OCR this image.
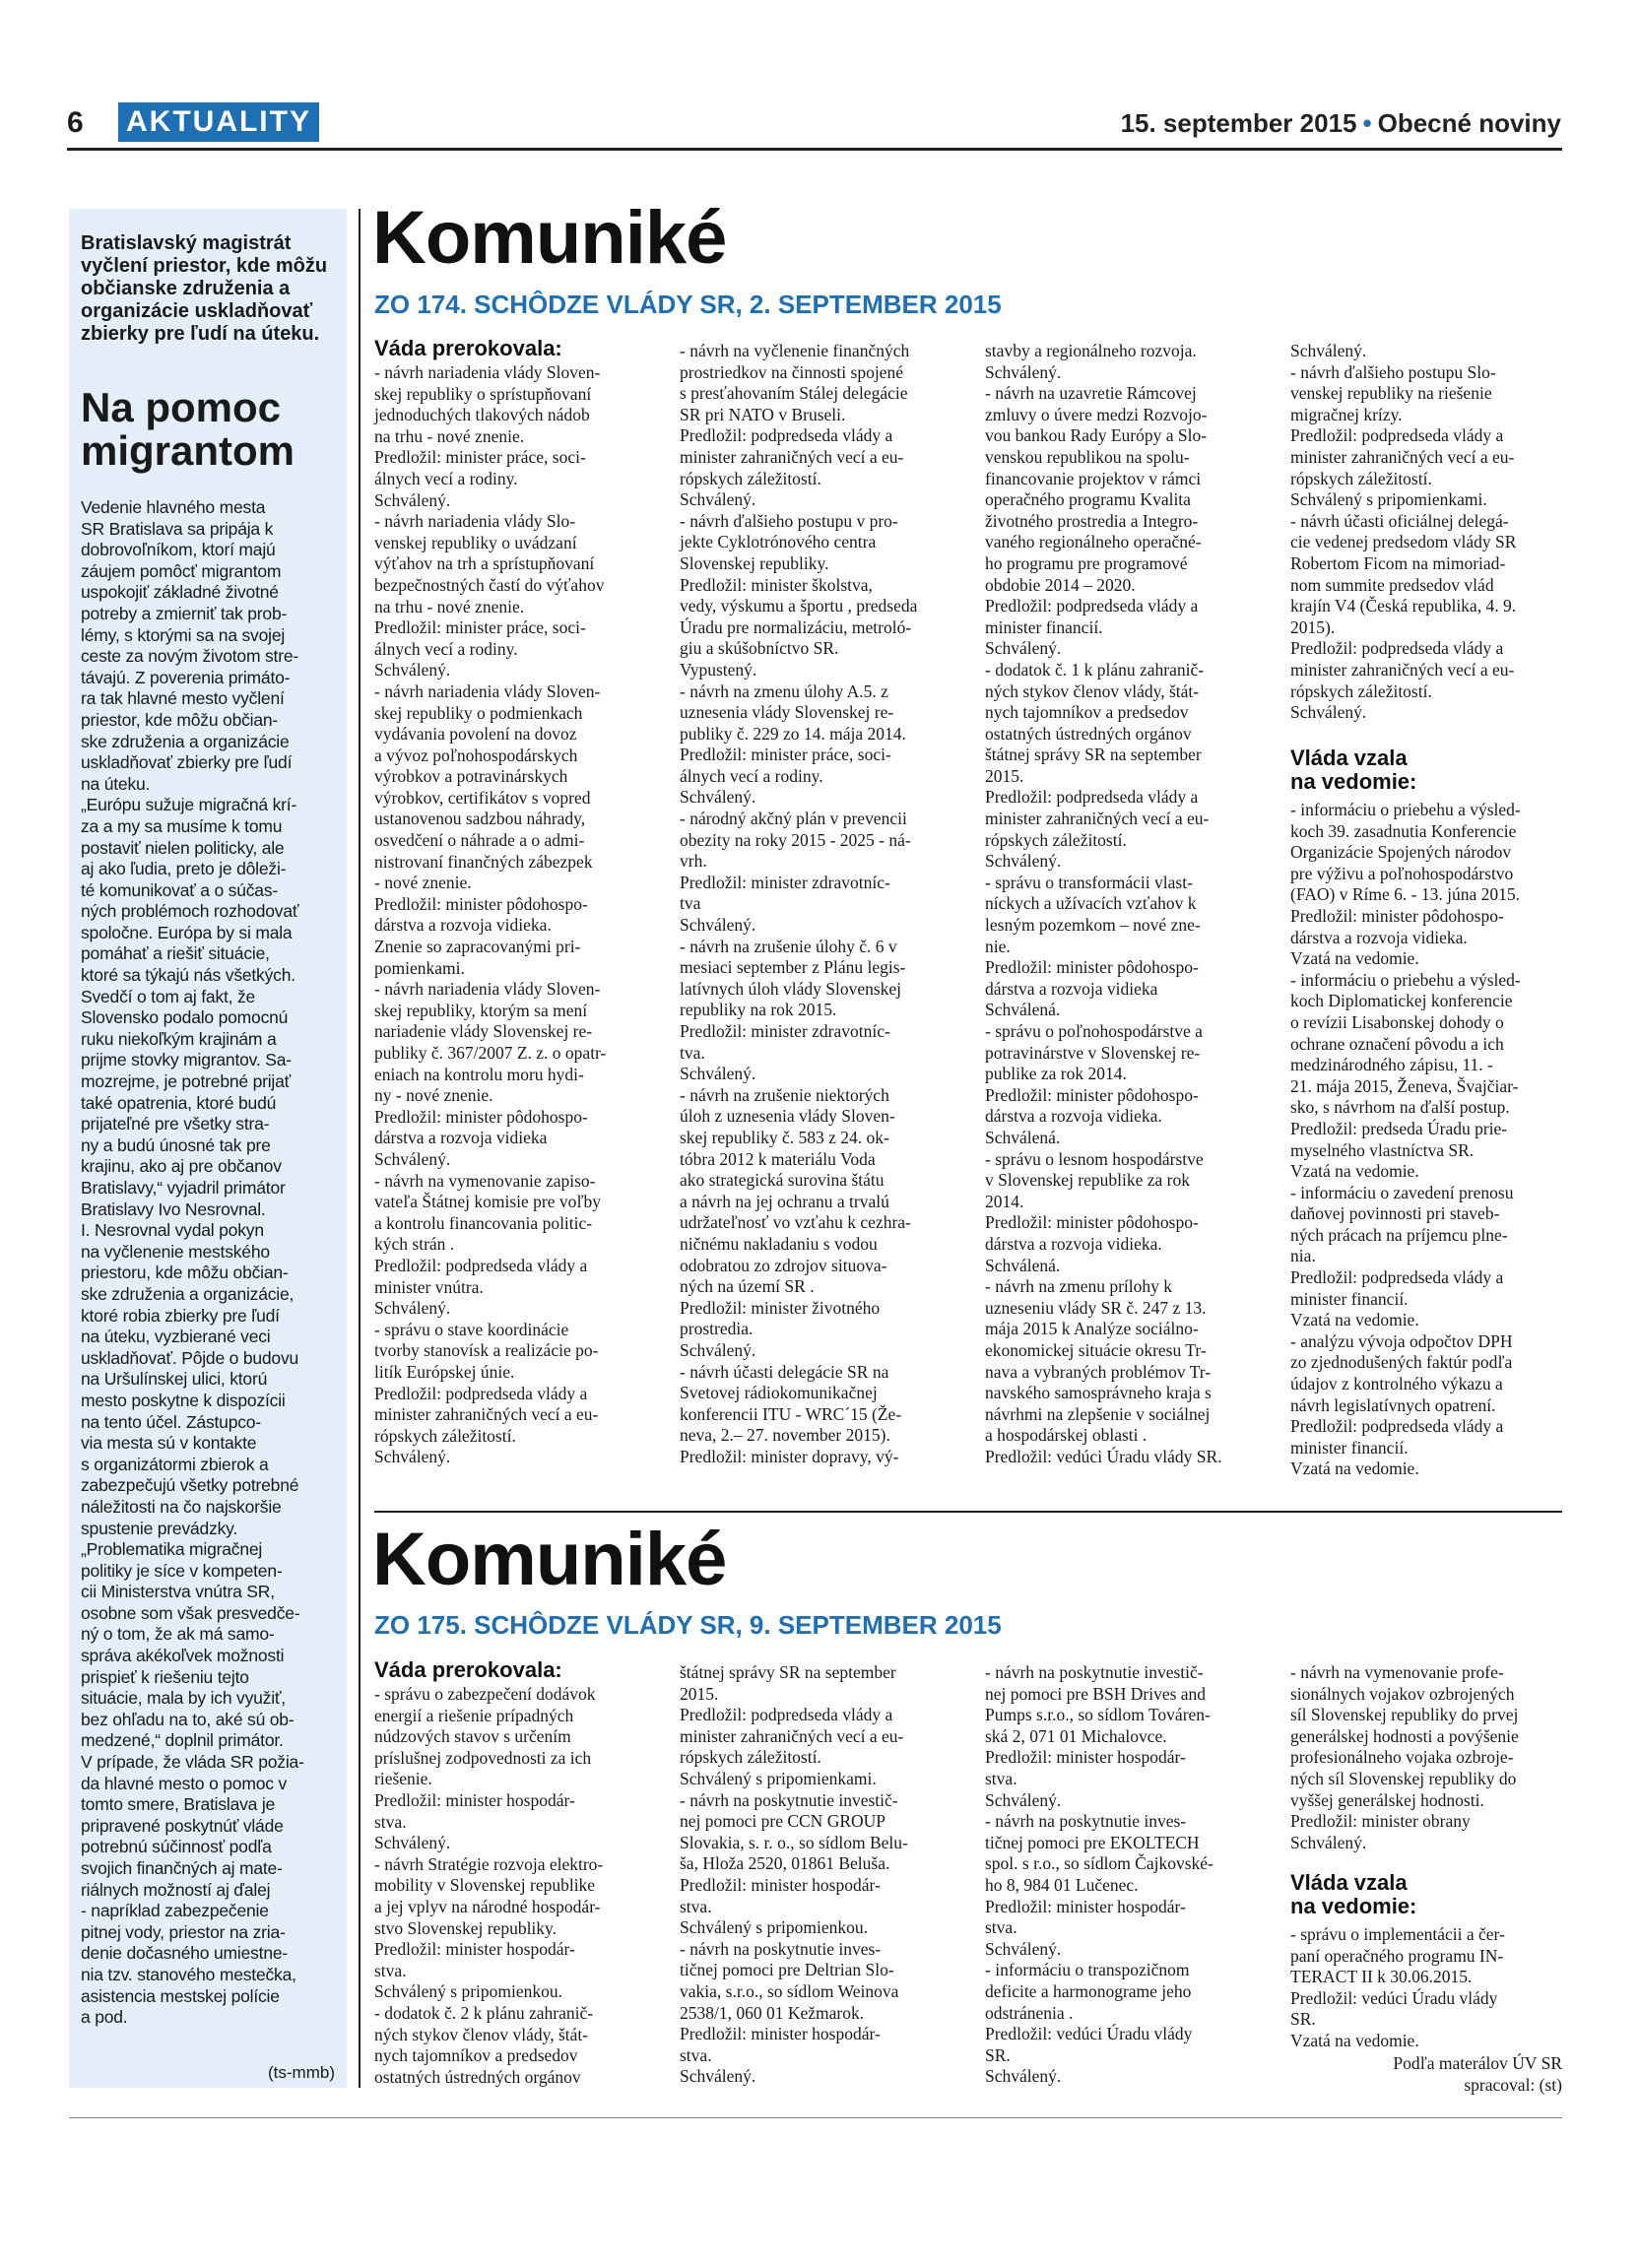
6 AKTUALITY	15. september 2015 • Obecné noviny
Bratislavský magistrát vyčlení priestor, kde môžu občianske združenia a organizácie uskladňovať zbierky pre ľudí na úteku.
Na pomoc migrantom
Vedenie hlavného mesta
SR Bratislava sa pripája k
dobrovoľníkom, ktorí majú
záujem pomôcť migrantom
uspokojiť základné životné
potreby a zmierniť tak prob-
lémy, s ktorými sa na svojej
ceste za novým životom stre-
távajú. Z poverenia primáto-
ra tak hlavné mesto vyčlení
priestor, kde môžu občian-
ske združenia a organizácie
uskladňovať zbierky pre ľudí
na úteku.
„Európu sužuje migračná krí-
za a my sa musíme k tomu
postaviť nielen politicky, ale
aj ako ľudia, preto je dôleži-
té komunikovať a o súčas-
ných problémoch rozhodovať
spoločne. Európa by si mala
pomáhať a riešiť situácie,
ktoré sa týkajú nás všetkých.
Svedčí o tom aj fakt, že
Slovensko podalo pomocnú
ruku niekoľkým krajinám a
prijme stovky migrantov. Sa-
mozrejme, je potrebné prijať
také opatrenia, ktoré budú
prijateľné pre všetky stra-
ny a budú únosné tak pre
krajinu, ako aj pre občanov
Bratislavy,“ vyjadril primátor
Bratislavy Ivo Nesrovnal.
I. Nesrovnal vydal pokyn
na vyčlenenie mestského
priestoru, kde môžu občian-
ske združenia a organizácie,
ktoré robia zbierky pre ľudí
na úteku, vyzbierané veci
uskladňovať. Pôjde o budovu
na Uršulínskej ulici, ktorú
mesto poskytne k dispozícii
na tento účel. Zástupco-
via mesta sú v kontakte
s organizátormi zbierok a
zabezpečujú všetky potrebné
náležitosti na čo najskoršie
spustenie prevádzky.
„Problematika migračnej
politiky je síce v kompeten-
cii Ministerstva vnútra SR,
osobne som však presvedče-
ný o tom, že ak má samo-
správa akékoľvek možnosti
prispieť k riešeniu tejto
situácie, mala by ich využiť,
bez ohľadu na to, aké sú ob-
medzené,“ doplnil primátor.
V prípade, že vláda SR požia-
da hlavné mesto o pomoc v
tomto smere, Bratislava je
pripravené poskytnúť vláde
potrebnú súčinnosť podľa
svojich finančných aj mate-
riálnych možností aj ďalej
- napríklad zabezpečenie
pitnej vody, priestor na zria-
denie dočasného umiestne-
nia tzv. stanového mestečka,
asistencia mestskej polície
a pod.
(ts-mmb)
Komuniké
ZO 174. SCHÔDZE VLÁDY SR, 2. SEPTEMBER 2015
Váda prerokovala:
- návrh nariadenia vlády Sloven-
skej republiky o sprístupňovaní
jednoduchých tlakových nádob
na trhu - nové znenie.
Predložil: minister práce, soci-
álnych vecí a rodiny.
Schválený.
- návrh nariadenia vlády Slo-
venskej republiky o uvádzaní
výťahov na trh a sprístupňovaní
bezpečnostných častí do výťahov
na trhu - nové znenie.
Predložil: minister práce, soci-
álnych vecí a rodiny.
Schválený.
- návrh nariadenia vlády Sloven-
skej republiky o podmienkach
vydávania povolení na dovoz
a vývoz poľnohospodárskych
výrobkov a potravinárskych
výrobkov, certifikátov s vopred
ustanovenou sadzbou náhrady,
osvedčení o náhrade a o admi-
nistrovaní finančných zábezpek
- nové znenie.
Predložil: minister pôdohospo-
dárstva a rozvoja vidieka.
Znenie so zapracovanými pri-
pomienkami.
- návrh nariadenia vlády Sloven-
skej republiky, ktorým sa mení
nariadenie vlády Slovenskej re-
publiky č. 367/2007 Z. z. o opatr-
eniach na kontrolu moru hydi-
ny - nové znenie.
Predložil: minister pôdohospo-
dárstva a rozvoja vidieka
Schválený.
- návrh na vymenovanie zapiso-
vateľa Štátnej komisie pre voľby
a kontrolu financovania politic-
kých strán .
Predložil: podpredseda vlády a
minister vnútra.
Schválený.
- správu o stave koordinácie
tvorby stanovísk a realizácie po-
litík Európskej únie.
Predložil: podpredseda vlády a
minister zahraničných vecí a eu-
rópskych záležitostí.
Schválený.
- návrh na vyčlenenie finančných
prostriedkov na činnosti spojené
s presťahovaním Stálej delegácie
SR pri NATO v Bruseli.
Predložil: podpredseda vlády a
minister zahraničných vecí a eu-
rópskych záležitostí.
Schválený.
- návrh ďalšieho postupu v pro-
jekte Cyklotrónového centra
Slovenskej republiky.
Predložil: minister školstva,
vedy, výskumu a športu , predseda
Úradu pre normalizáciu, metroló-
giu a skúšobníctvo SR.
Vypustený.
- návrh na zmenu úlohy A.5. z
uznesenia vlády Slovenskej re-
publiky č. 229 zo 14. mája 2014.
Predložil: minister práce, soci-
álnych vecí a rodiny.
Schválený.
- národný akčný plán v prevencii
obezity na roky 2015 - 2025 - ná-
vrh.
Predložil: minister zdravotníc-
tva
Schválený.
- návrh na zrušenie úlohy č. 6 v
mesiaci september z Plánu legis-
latívnych úloh vlády Slovenskej
republiky na rok 2015.
Predložil: minister zdravotníc-
tva.
Schválený.
- návrh na zrušenie niektorých
úloh z uznesenia vlády Sloven-
skej republiky č. 583 z 24. ok-
tóbra 2012 k materiálu Voda
ako strategická surovina štátu
a návrh na jej ochranu a trvalú
udržateľnosť vo vzťahu k cezhra-
ničnému nakladaniu s vodou
odobratou zo zdrojov situova-
ných na území SR .
Predložil: minister životného
prostredia.
Schválený.
- návrh účasti delegácie SR na
Svetovej rádiokomunikačnej
konferencii ITU - WRC´15 (Že-
neva, 2.– 27. november 2015).
Predložil: minister dopravy, vý-
stavby a regionálneho rozvoja.
Schválený.
- návrh na uzavretie Rámcovej
zmluvy o úvere medzi Rozvojo-
vou bankou Rady Európy a Slo-
venskou republikou na spolu-
financovanie projektov v rámci
operačného programu Kvalita
životného prostredia a Integro-
vaného regionálneho operačné-
ho programu pre programové
obdobie 2014 – 2020.
Predložil: podpredseda vlády a
minister financií.
Schválený.
- dodatok č. 1 k plánu zahranič-
ných stykov členov vlády, štát-
nych tajomníkov a predsedov
ostatných ústredných orgánov
štátnej správy SR na september
2015.
Predložil: podpredseda vlády a
minister zahraničných vecí a eu-
rópskych záležitostí.
Schválený.
- správu o transformácii vlast-
níckych a užívacích vzťahov k
lesným pozemkom – nové zne-
nie.
Predložil: minister pôdohospo-
dárstva a rozvoja vidieka
Schválená.
- správu o poľnohospodárstve a
potravinárstve v Slovenskej re-
publike za rok 2014.
Predložil: minister pôdohospo-
dárstva a rozvoja vidieka.
Schválená.
- správu o lesnom hospodárstve
v Slovenskej republike za rok
2014.
Predložil: minister pôdohospo-
dárstva a rozvoja vidieka.
Schválená.
- návrh na zmenu prílohy k
uzneseniu vlády SR č. 247 z 13.
mája 2015 k Analýze sociálno-
ekonomickej situácie okresu Tr-
nava a vybraných problémov Tr-
navského samosprávneho kraja s
návrhmi na zlepšenie v sociálnej
a hospodárskej oblasti .
Predložil: vedúci Úradu vlády SR.
Schválený.
- návrh ďalšieho postupu Slo-
venskej republiky na riešenie
migračnej krízy.
Predložil: podpredseda vlády a
minister zahraničných vecí a eu-
rópskych záležitostí.
Schválený s pripomienkami.
- návrh účasti oficiálnej delegá-
cie vedenej predsedom vlády SR
Robertom Ficom na mimoriad-
nom summite predsedov vlád
krajín V4 (Česká republika, 4. 9.
2015).
Predložil: podpredseda vlády a
minister zahraničných vecí a eu-
rópskych záležitostí.
Schválený.
Vláda vzala
na vedomie:
- informáciu o priebehu a výsled-
koch 39. zasadnutia Konferencie
Organizácie Spojených národov
pre výživu a poľnohospodárstvo
(FAO) v Ríme 6. - 13. júna 2015.
Predložil: minister pôdohospo-
dárstva a rozvoja vidieka.
Vzatá na vedomie.
- informáciu o priebehu a výsled-
koch Diplomatickej konferencie
o revízii Lisabonskej dohody o
ochrane označení pôvodu a ich
medzinárodného zápisu, 11. -
21. mája 2015, Ženeva, Švajčiar-
sko, s návrhom na ďalší postup.
Predložil: predseda Úradu prie-
myselného vlastníctva SR.
Vzatá na vedomie.
- informáciu o zavedení prenosu
daňovej povinnosti pri staveb-
ných prácach na príjemcu plne-
nia.
Predložil: podpredseda vlády a
minister financií.
Vzatá na vedomie.
- analýzu vývoja odpočtov DPH
zo zjednodušených faktúr podľa
údajov z kontrolného výkazu a
návrh legislatívnych opatrení.
Predložil: podpredseda vlády a
minister financií.
Vzatá na vedomie.
Komuniké
ZO 175. SCHÔDZE VLÁDY SR, 9. SEPTEMBER 2015
Váda prerokovala:
- správu o zabezpečení dodávok
energií a riešenie prípadných
núdzových stavov s určením
príslušnej zodpovednosti za ich
riešenie.
Predložil: minister hospodár-
stva.
Schválený.
- návrh Stratégie rozvoja elektro-
mobility v Slovenskej republike
a jej vplyv na národné hospodár-
stvo Slovenskej republiky.
Predložil: minister hospodár-
stva.
Schválený s pripomienkou.
- dodatok č. 2 k plánu zahranič-
ných stykov členov vlády, štát-
nych tajomníkov a predsedov
ostatných ústredných orgánov
štátnej správy SR na september
2015.
Predložil: podpredseda vlády a
minister zahraničných vecí a eu-
rópskych záležitostí.
Schválený s pripomienkami.
- návrh na poskytnutie investič-
nej pomoci pre CCN GROUP
Slovakia, s. r. o., so sídlom Belu-
ša, Hloža 2520, 01861 Beluša.
Predložil: minister hospodár-
stva.
Schválený s pripomienkou.
- návrh na poskytnutie inves-
tičnej pomoci pre Deltrian Slo-
vakia, s.r.o., so sídlom Weinova
2538/1, 060 01 Kežmarok.
Predložil: minister hospodár-
stva.
Schválený.
- návrh na poskytnutie investič-
nej pomoci pre BSH Drives and
Pumps s.r.o., so sídlom Továren-
ská 2, 071 01 Michalovce.
Predložil: minister hospodár-
stva.
Schválený.
- návrh na poskytnutie inves-
tičnej pomoci pre EKOLTECH
spol. s r.o., so sídlom Čajkovské-
ho 8, 984 01 Lučenec.
Predložil: minister hospodár-
stva.
Schválený.
- informáciu o transpozičnom
deficite a harmonograme jeho
odstránenia .
Predložil: vedúci Úradu vlády
SR.
Schválený.
- návrh na vymenovanie profe-
sionálnych vojakov ozbrojených
síl Slovenskej republiky do prvej
generálskej hodnosti a povýšenie
profesionálneho vojaka ozbroje-
ných síl Slovenskej republiky do
vyššej generálskej hodnosti.
Predložil: minister obrany
Schválený.
Vláda vzala
na vedomie:
- správu o implementácii a čer-
paní operačného programu IN-
TERACT II k 30.06.2015.
Predložil: vedúci Úradu vlády
SR.
Vzatá na vedomie.
Podľa materálov ÚV SR
spracoval: (st)
